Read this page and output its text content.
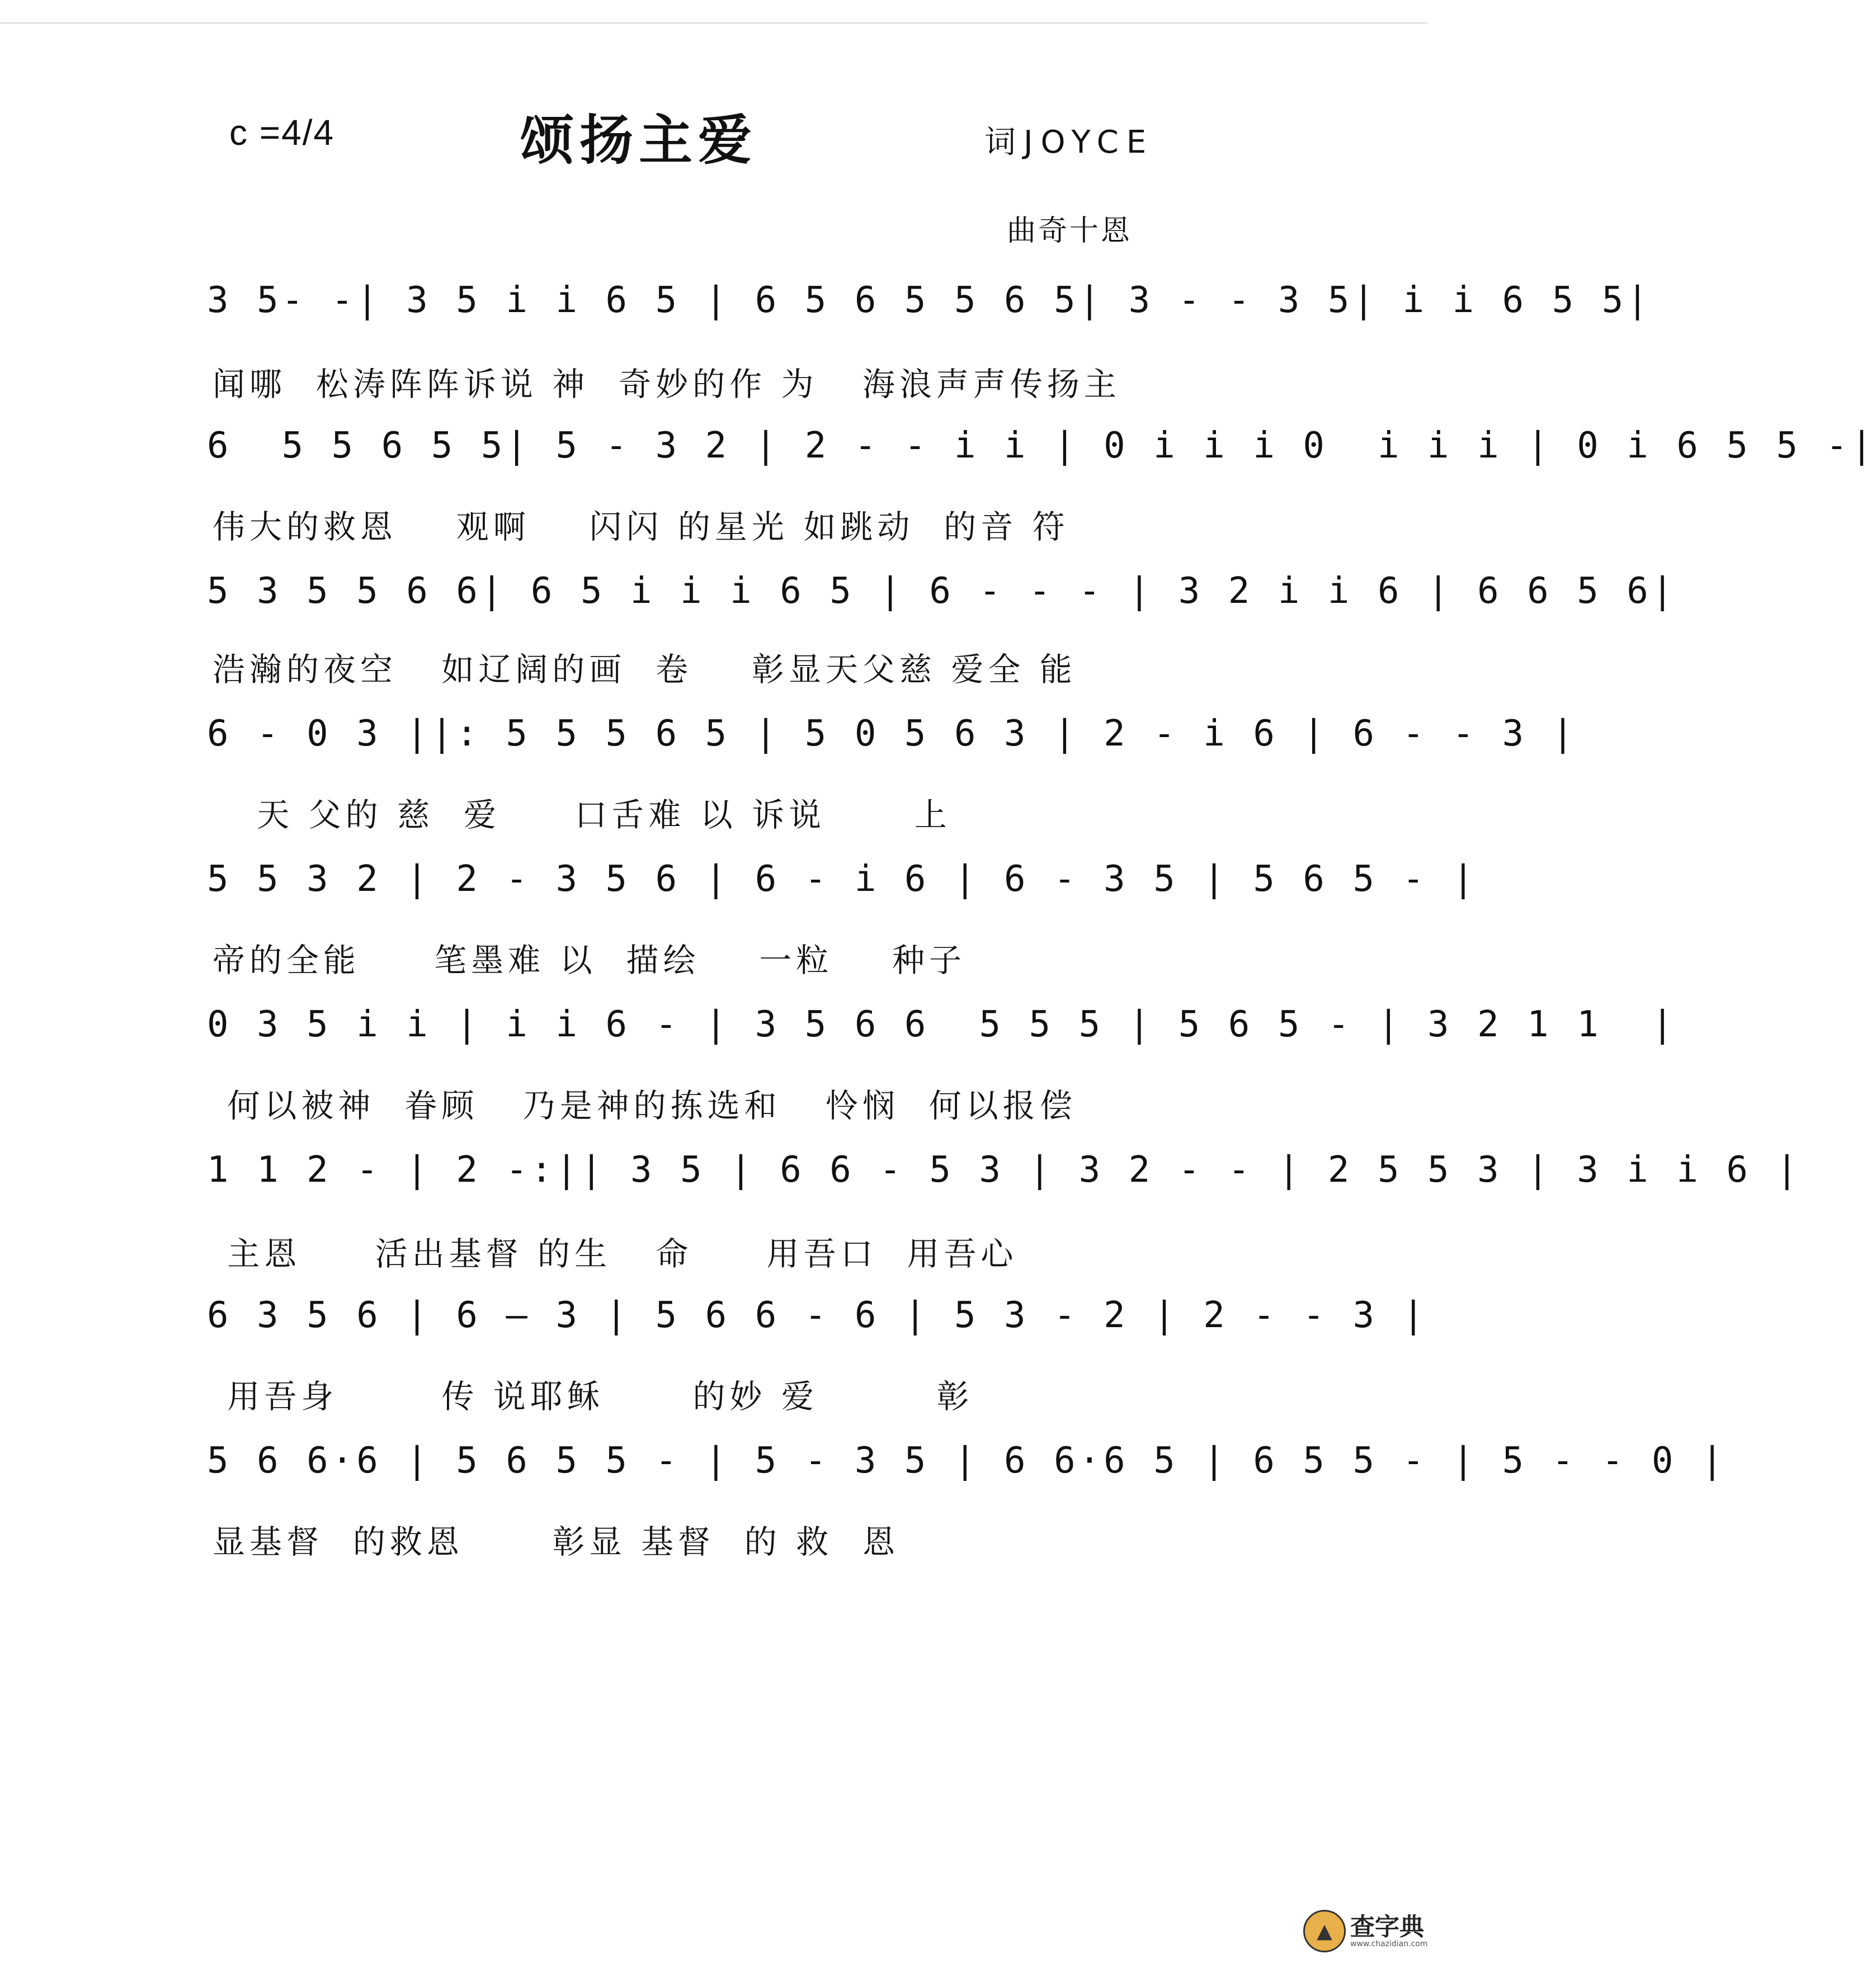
c =4/4	颂扬主爱	词JOYCE
曲奇十恩
3 5- -| 3 5 i i 6 5 | 6 5 6 5 5 6 5| 3 - - 3 5| i i 6 5 5|
闻哪  松涛阵阵诉说 神  奇妙的作 为   海浪声声传扬主
6  5 5 6 5 5| 5 - 3 2 | 2 - - i i | 0 i i i 0  i i i | 0 i 6 5 5 -|
伟大的救恩    观啊    闪闪 的星光 如跳动  的音 符
5 3 5 5 6 6| 6 5 i i i 6 5 | 6 - - - | 3 2 i i 6 | 6 6 5 6|
浩瀚的夜空   如辽阔的画  卷    彰显天父慈 爱全 能
6 - 0 3 ||: 5 5 5 6 5 | 5 0 5 6 3 | 2 - i 6 | 6 - - 3 |
天 父的 慈  爱     口舌难 以 诉说      上
5 5 3 2 | 2 - 3 5 6 | 6 - i 6 | 6 - 3 5 | 5 6 5 - |
帝的全能     笔墨难 以  描绘    一粒    种子
0 3 5 i i | i i 6 - | 3 5 6 6  5 5 5 | 5 6 5 - | 3 2 1 1  |
何以被神  眷顾   乃是神的拣选和   怜悯  何以报偿
1 1 2 - | 2 -:|| 3 5 | 6 6 - 5 3 | 3 2 - - | 2 5 5 3 | 3 i i 6 |
主恩     活出基督 的生   命     用吾口  用吾心
6 3 5 6 | 6 — 3 | 5 6 6 - 6 | 5 3 - 2 | 2 - - 3 |
用吾身       传 说耶稣      的妙 爱        彰
5 6 6·6 | 5 6 5 5 - | 5 - 3 5 | 6 6·6 5 | 6 5 5 - | 5 - - 0 |
显基督  的救恩      彰显 基督  的 救  恩
▲ 查字典
www.chazidian.com
